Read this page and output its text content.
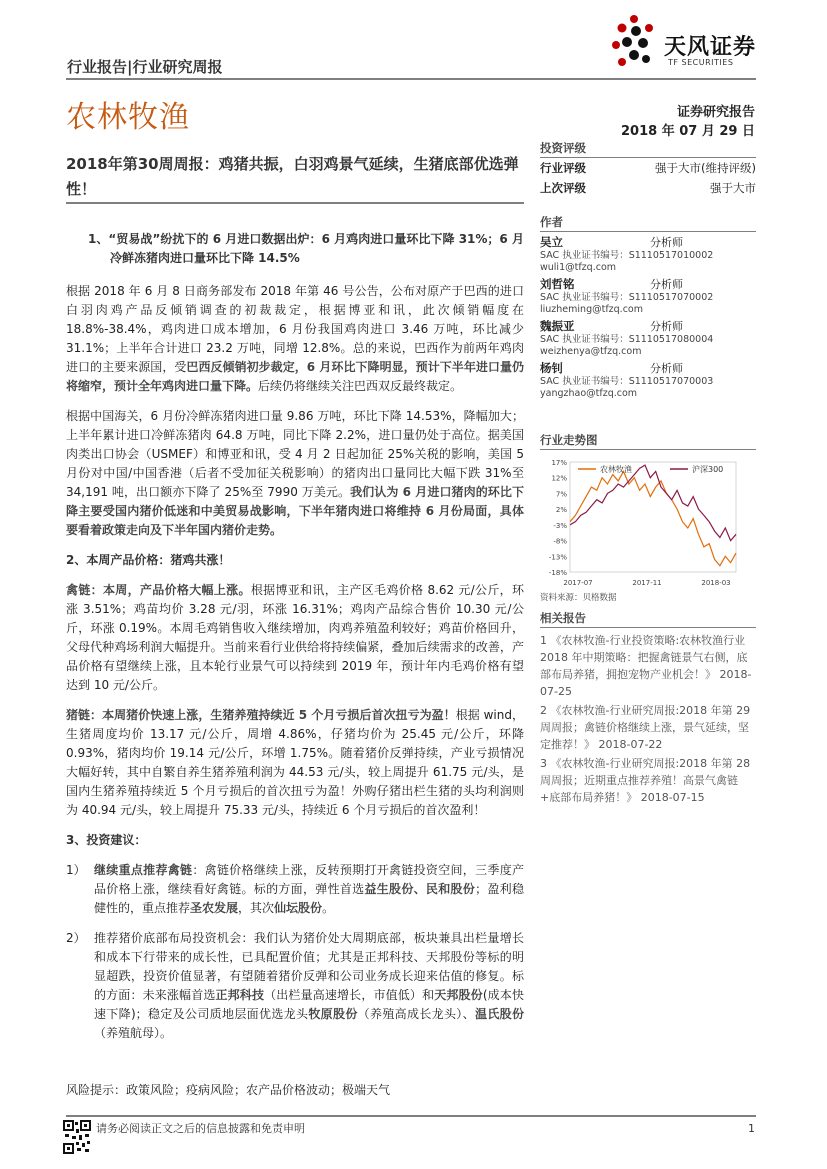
天风证券
TF SECURITIES
行业报告|行业研究周报
农林牧渔	证券研究报告
2018 年 07 月 29 日
2018年第30周周报：鸡猪共振，白羽鸡景气延续，生猪底部优选弹性！

1、“贸易战”纷扰下的 6 月进口数据出炉：6 月鸡肉进口量环比下降 31%；6 月冷鲜冻猪肉进口量环比下降 14.5%

根据 2018 年 6 月 8 日商务部发布 2018 年第 46 号公告，公布对原产于巴西的进口白羽肉鸡产品反倾销调查的初裁裁定，根据博亚和讯，此次倾销幅度在 18.8%-38.4%，鸡肉进口成本增加，6 月份我国鸡肉进口 3.46 万吨，环比减少 31.1%；上半年合计进口 23.2 万吨，同增 12.8%。总的来说，巴西作为前两年鸡肉进口的主要来源国，受巴西反倾销初步裁定，6 月环比下降明显，预计下半年进口量仍将缩窄，预计全年鸡肉进口量下降。后续仍将继续关注巴西双反最终裁定。

根据中国海关，6 月份冷鲜冻猪肉进口量 9.86 万吨，环比下降 14.53%，降幅加大；上半年累计进口冷鲜冻猪肉 64.8 万吨，同比下降 2.2%，进口量仍处于高位。据美国肉类出口协会（USMEF）和博亚和讯，受 4 月 2 日起加征 25%关税的影响，美国 5 月份对中国/中国香港（后者不受加征关税影响）的猪肉出口量同比大幅下跌 31%至 34,191 吨，出口额亦下降了 25%至 7990 万美元。我们认为 6 月进口猪肉的环比下降主要受国内猪价低迷和中美贸易战影响，下半年猪肉进口将维持 6 月份局面，具体要看着政策走向及下半年国内猪价走势。

2、本周产品价格：猪鸡共涨！

禽链：本周，产品价格大幅上涨。根据博亚和讯，主产区毛鸡价格 8.62 元/公斤，环涨 3.51%；鸡苗均价 3.28 元/羽，环涨 16.31%；鸡肉产品综合售价 10.30 元/公斤，环涨 0.19%。本周毛鸡销售收入继续增加，肉鸡养殖盈利较好；鸡苗价格回升，父母代种鸡场利润大幅提升。当前来看行业供给将持续偏紧，叠加后续需求的改善，产品价格有望继续上涨，且本轮行业景气可以持续到 2019 年，预计年内毛鸡价格有望达到 10 元/公斤。

猪链：本周猪价快速上涨，生猪养殖持续近 5 个月亏损后首次扭亏为盈！根据 wind，生猪周度均价 13.17 元/公斤，周增 4.86%，仔猪均价为 25.45 元/公斤，环降 0.93%，猪肉均价 19.14 元/公斤，环增 1.75%。随着猪价反弹持续，产业亏损情况大幅好转，其中自繁自养生猪养殖利润为 44.53 元/头，较上周提升 61.75 元/头，是国内生猪养殖持续近 5 个月亏损后的首次扭亏为盈！外购仔猪出栏生猪的头均利润则为 40.94 元/头，较上周提升 75.33 元/头，持续近 6 个月亏损后的首次盈利！

3、投资建议：

1） 继续重点推荐禽链：禽链价格继续上涨，反转预期打开禽链投资空间，三季度产品价格上涨，继续看好禽链。标的方面，弹性首选益生股份、民和股份；盈利稳健性的，重点推荐圣农发展，其次仙坛股份。

2） 推荐猪价底部布局投资机会：我们认为猪价处大周期底部，板块兼具出栏量增长和成本下行带来的成长性，已具配置价值；尤其是正邦科技、天邦股份等标的明显超跌，投资价值显著，有望随着猪价反弹和公司业务成长迎来估值的修复。标的方面：未来涨幅首选正邦科技（出栏量高速增长，市值低）和天邦股份(成本快速下降)；稳定及公司质地层面优选龙头牧原股份（养殖高成长龙头）、温氏股份（养殖航母）。

风险提示：政策风险；疫病风险；农产品价格波动；极端天气

投资评级
行业评级	强于大市(维持评级)
上次评级	强于大市
作者
吴立	分析师
SAC 执业证书编号：S1110517010002
wuli1@tfzq.com
刘哲铭	分析师
SAC 执业证书编号：S1110517070002
liuzheming@tfzq.com
魏振亚	分析师
SAC 执业证书编号：S1110517080004
weizhenya@tfzq.com
杨钊	分析师
SAC 执业证书编号：S1110517070003
yangzhao@tfzq.com
行业走势图
17%
12%
7%
2%
-3%
-8%
-13%
-18%
2017-07	2017-11	2018-03
农林牧渔	沪深300
资料来源：贝格数据
相关报告

1 《农林牧渔-行业投资策略:农林牧渔行业 2018 年中期策略：把握禽链景气右侧，底部布局养猪，拥抱宠物产业机会！》 2018-07-25

2 《农林牧渔-行业研究周报:2018 年第 29 周周报；禽链价格继续上涨，景气延续，坚定推荐！》 2018-07-22

3 《农林牧渔-行业研究周报:2018 年第 28 周周报；近期重点推荐养殖！高景气禽链+底部布局养猪！》 2018-07-15

请务必阅读正文之后的信息披露和免责申明	1
